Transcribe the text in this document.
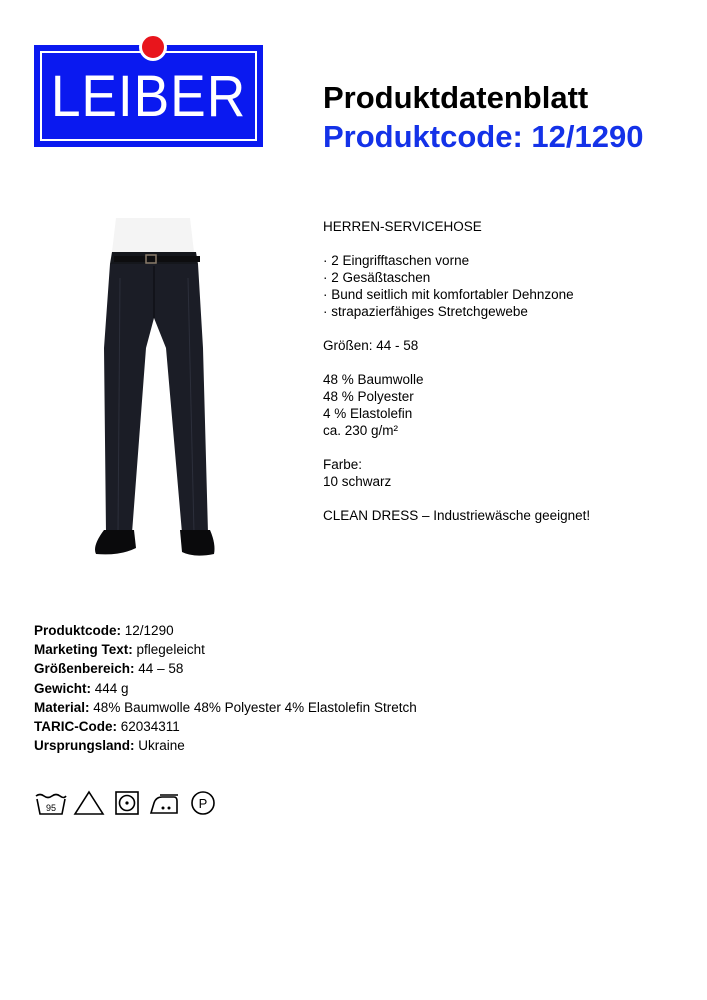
LEIBER Produktdatenblatt
Produktcode: 12/1290

HERREN-SERVICEHOSE

· 2 Eingrifftaschen vorne
· 2 Gesäßtaschen
· Bund seitlich mit komfortabler Dehnzone
· strapazierfähiges Stretchgewebe

Größen: 44 - 58

48 % Baumwolle
48 % Polyester
4 % Elastolefin
ca. 230 g/m²

Farbe:
10 schwarz

CLEAN DRESS – Industriewäsche geeignet!

Produktcode: 12/1290
Marketing Text: pflegeleicht
Größenbereich: 44 – 58
Gewicht: 444 g
Material: 48% Baumwolle 48% Polyester 4% Elastolefin Stretch
TARIC-Code: 62034311
Ursprungsland: Ukraine
95	P
